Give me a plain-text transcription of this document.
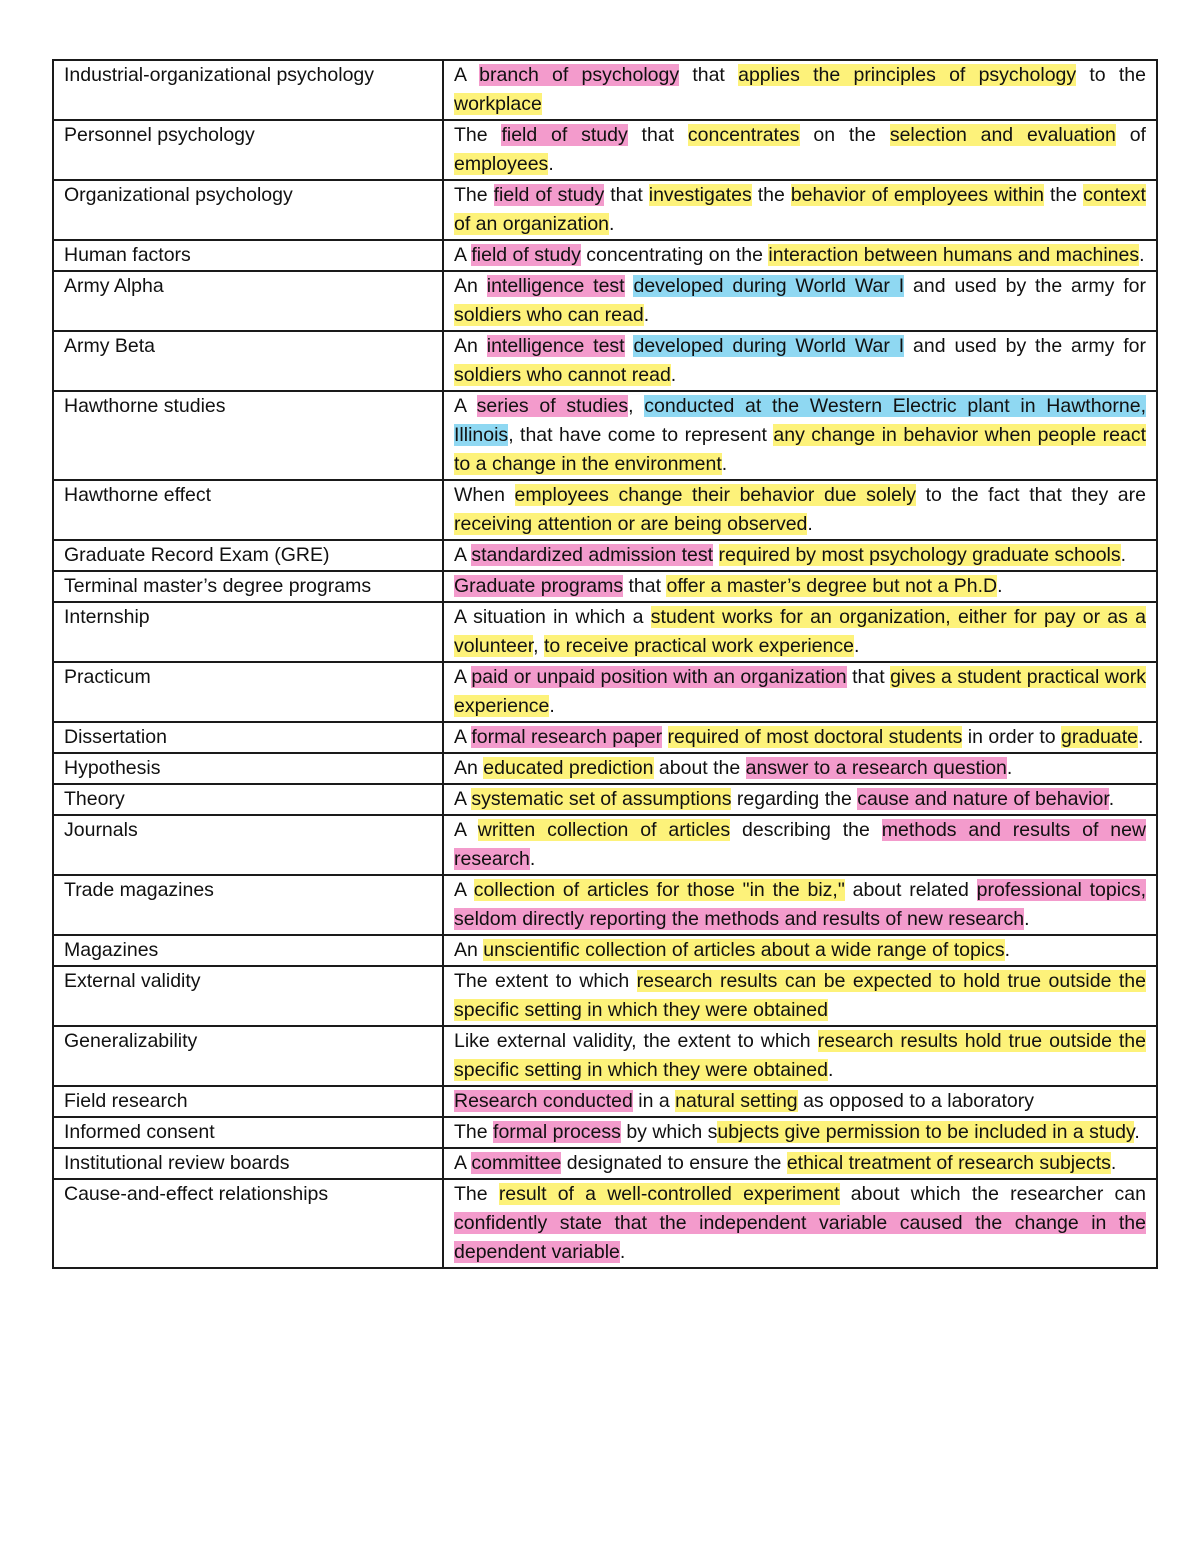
Industrial-organizational psychology	A branch of psychology that applies the principles of psychology to the workplace
Personnel psychology	The field of study that concentrates on the selection and evaluation of employees.
Organizational psychology	The field of study that investigates the behavior of employees within the context of an organization.
Human factors	A field of study concentrating on the interaction between humans and machines.
Army Alpha	An intelligence test developed during World War I and used by the army for soldiers who can read.
Army Beta	An intelligence test developed during World War I and used by the army for soldiers who cannot read.
Hawthorne studies	A series of studies, conducted at the Western Electric plant in Hawthorne, Illinois, that have come to represent any change in behavior when people react to a change in the environment.
Hawthorne effect	When employees change their behavior due solely to the fact that they are receiving attention or are being observed.
Graduate Record Exam (GRE)	A standardized admission test required by most psychology graduate schools.
Terminal master’s degree programs	Graduate programs that offer a master’s degree but not a Ph.D.
Internship	A situation in which a student works for an organization, either for pay or as a volunteer, to receive practical work experience.
Practicum	A paid or unpaid position with an organization that gives a student practical work experience.
Dissertation	A formal research paper required of most doctoral students in order to graduate.
Hypothesis	An educated prediction about the answer to a research question.
Theory	A systematic set of assumptions regarding the cause and nature of behavior.
Journals	A written collection of articles describing the methods and results of new research.
Trade magazines	A collection of articles for those "in the biz," about related professional topics, seldom directly reporting the methods and results of new research.
Magazines	An unscientific collection of articles about a wide range of topics.
External validity	The extent to which research results can be expected to hold true outside the specific setting in which they were obtained
Generalizability	Like external validity, the extent to which research results hold true outside the specific setting in which they were obtained.
Field research	Research conducted in a natural setting as opposed to a laboratory
Informed consent	The formal process by which subjects give permission to be included in a study.
Institutional review boards	A committee designated to ensure the ethical treatment of research subjects.
Cause-and-effect relationships	The result of a well-controlled experiment about which the researcher can confidently state that the independent variable caused the change in the dependent variable.
